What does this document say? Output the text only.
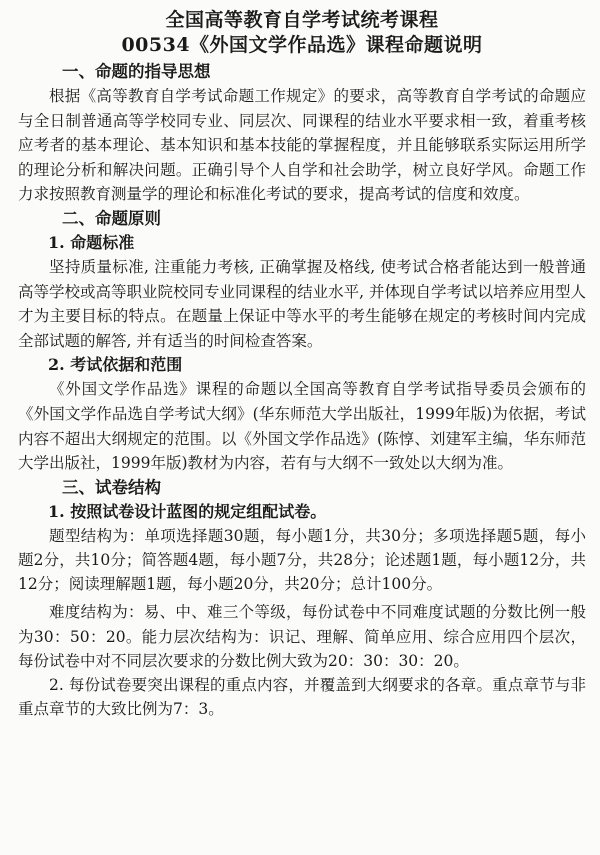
全国高等教育自学考试统考课程
00534《外国文学作品选》课程命题说明
一、命题的指导思想

根据《高等教育自学考试命题工作规定》的要求，高等教育自学考试的命题应与全日制普通高等学校同专业、同层次、同课程的结业水平要求相一致，着重考核应考者的基本理论、基本知识和基本技能的掌握程度，并且能够联系实际运用所学的理论分析和解决问题。正确引导个人自学和社会助学，树立良好学风。命题工作力求按照教育测量学的理论和标准化考试的要求，提高考试的信度和效度。

二、命题原则
1. 命题标准

坚持质量标准, 注重能力考核, 正确掌握及格线, 使考试合格者能达到一般普通高等学校或高等职业院校同专业同课程的结业水平, 并体现自学考试以培养应用型人才为主要目标的特点。在题量上保证中等水平的考生能够在规定的考核时间内完成全部试题的解答, 并有适当的时间检查答案。

2. 考试依据和范围

《外国文学作品选》课程的命题以全国高等教育自学考试指导委员会颁布的《外国文学作品选自学考试大纲》(华东师范大学出版社，1999年版)为依据，考试内容不超出大纲规定的范围。以《外国文学作品选》(陈惇、刘建军主编，华东师范大学出版社，1999年版)教材为内容，若有与大纲不一致处以大纲为准。

三、试卷结构
1. 按照试卷设计蓝图的规定组配试卷。

题型结构为：单项选择题30题，每小题1分，共30分；多项选择题5题，每小题2分，共10分；简答题4题，每小题7分，共28分；论述题1题，每小题12分，共12分；阅读理解题1题，每小题20分，共20分；总计100分。

难度结构为：易、中、难三个等级，每份试卷中不同难度试题的分数比例一般为30：50：20。能力层次结构为：识记、理解、简单应用、综合应用四个层次，每份试卷中对不同层次要求的分数比例大致为20：30：30：20。

2. 每份试卷要突出课程的重点内容，并覆盖到大纲要求的各章。重点章节与非重点章节的大致比例为7：3。
